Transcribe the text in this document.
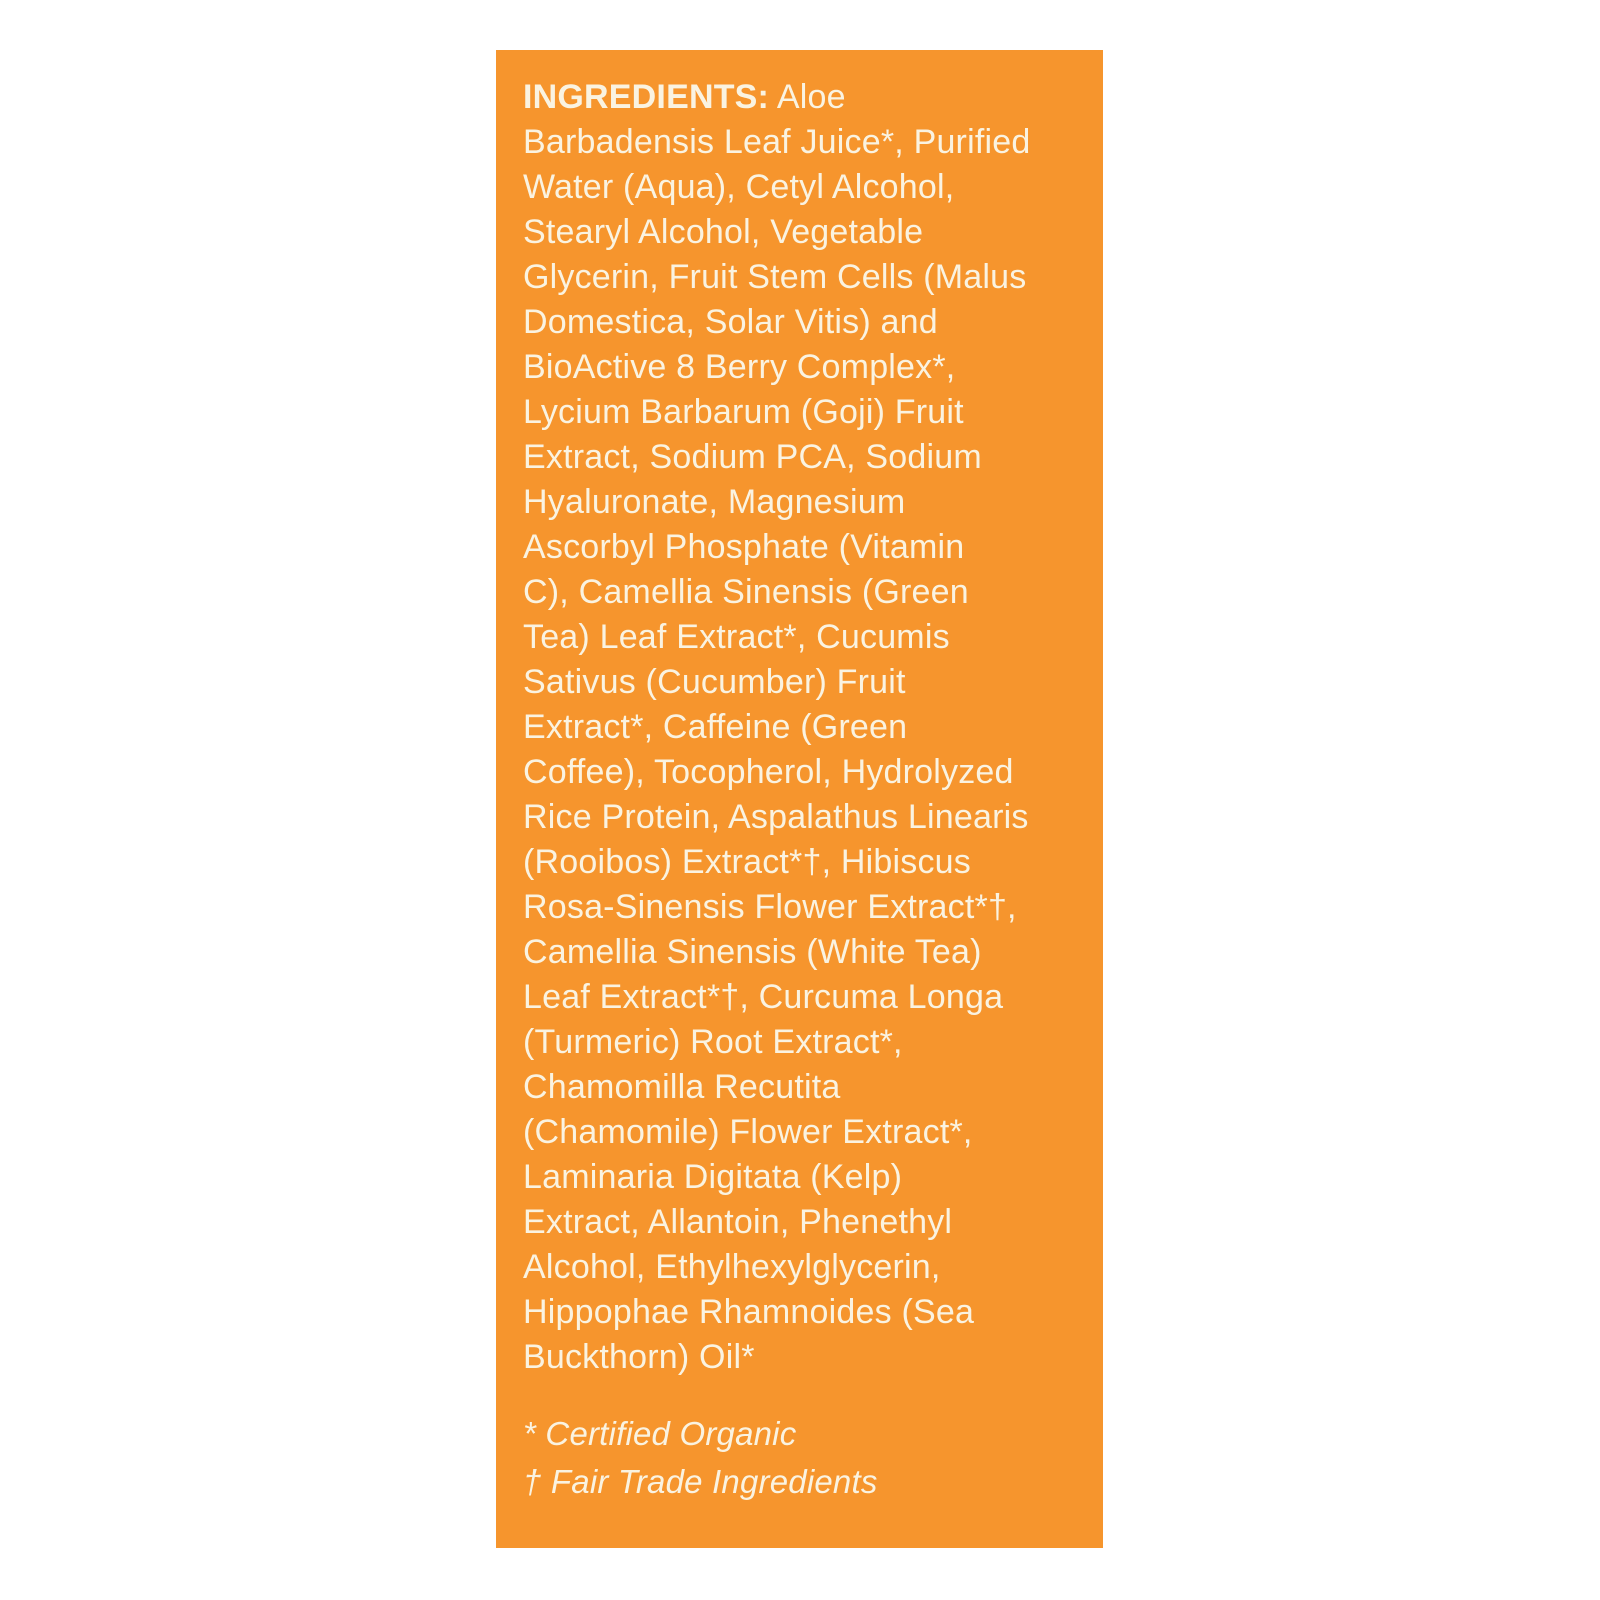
INGREDIENTS: Aloe
Barbadensis Leaf Juice*, Purified
Water (Aqua), Cetyl Alcohol,
Stearyl Alcohol, Vegetable
Glycerin, Fruit Stem Cells (Malus
Domestica, Solar Vitis) and
BioActive 8 Berry Complex*,
Lycium Barbarum (Goji) Fruit
Extract, Sodium PCA, Sodium
Hyaluronate, Magnesium
Ascorbyl Phosphate (Vitamin
C), Camellia Sinensis (Green
Tea) Leaf Extract*, Cucumis
Sativus (Cucumber) Fruit
Extract*, Caffeine (Green
Coffee), Tocopherol, Hydrolyzed
Rice Protein, Aspalathus Linearis
(Rooibos) Extract*†, Hibiscus
Rosa-Sinensis Flower Extract*†,
Camellia Sinensis (White Tea)
Leaf Extract*†, Curcuma Longa
(Turmeric) Root Extract*,
Chamomilla Recutita
(Chamomile) Flower Extract*,
Laminaria Digitata (Kelp)
Extract, Allantoin, Phenethyl
Alcohol, Ethylhexylglycerin,
Hippophae Rhamnoides (Sea
Buckthorn) Oil*
* Certified Organic
† Fair Trade Ingredients
